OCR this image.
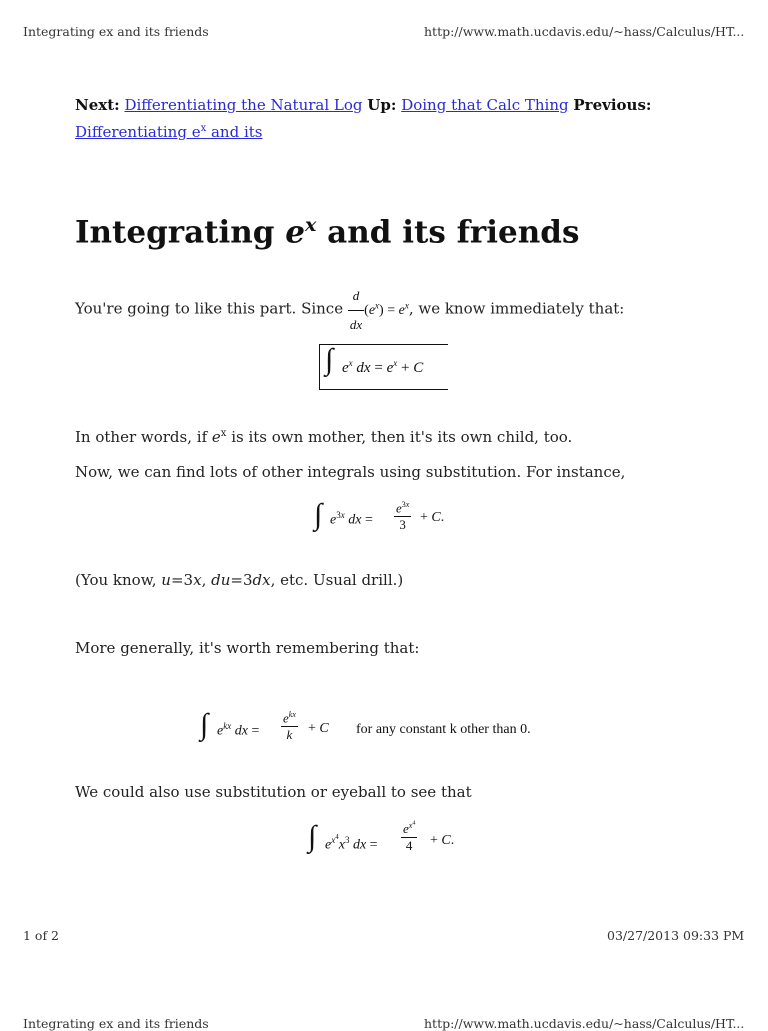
Integrating ex and its friends	http://www.math.ucdavis.edu/~hass/Calculus/HT...
Next: Differentiating the Natural Log Up: Doing that Calc Thing Previous:
Differentiating $e^x$ and its
Integrating $e^x$ and its friends
You're going to like this part. Since $\frac{d}{dx} (e^x) = e^x$, we know immediately that:
∫ $e^x$ dx = $e^x + C$
In other words, if $e^x$ is its own mother, then it's its own child, too.
Now, we can find lots of other integrals using substitution. For instance,
∫ $e^{3x}$ dx = $\frac{e^{3x}}{3} + C$.
(You know, u=3x, du=3dx, etc. Usual drill.)
More generally, it's worth remembering that:
∫ $e^{kx}$ dx =
$e^{kx}$
k	+ C for any constant k other than 0.
We could also use substitution or eyeball to see that
∫ $e^{x^4}x^3$ dx = $\frac{e^{x^4}}{4} + C$.
1 of 2	03/27/2013 09:33 PM
Integrating ex and its friends	http://www.math.ucdavis.edu/~hass/Calculus/HT...
